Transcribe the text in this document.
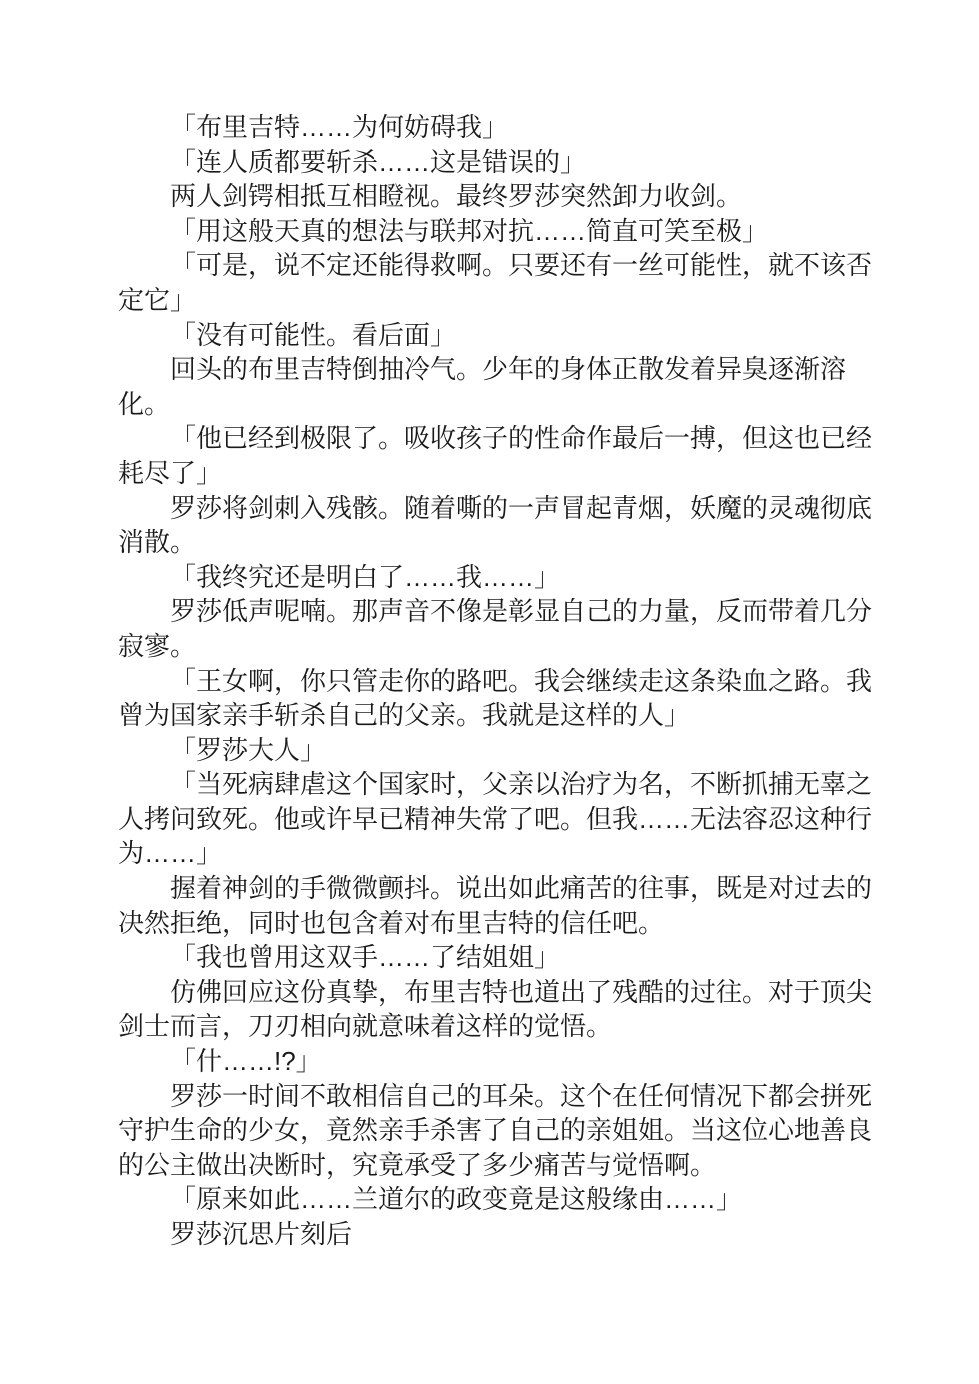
「布里吉特……为何妨碍我」

「连人质都要斩杀……这是错误的」

两人剑锷相抵互相瞪视。最终罗莎突然卸力收剑。

「用这般天真的想法与联邦对抗……简直可笑至极」

「可是，说不定还能得救啊。只要还有一丝可能性，就不该否
定它」

「没有可能性。看后面」

回头的布里吉特倒抽冷气。少年的身体正散发着异臭逐渐溶
化。

「他已经到极限了。吸收孩子的性命作最后一搏，但这也已经
耗尽了」

罗莎将剑刺入残骸。随着嘶的一声冒起青烟，妖魔的灵魂彻底
消散。

「我终究还是明白了……我……」

罗莎低声呢喃。那声音不像是彰显自己的力量，反而带着几分
寂寥。

「王女啊，你只管走你的路吧。我会继续走这条染血之路。我
曾为国家亲手斩杀自己的父亲。我就是这样的人」

「罗莎大人」

「当死病肆虐这个国家时，父亲以治疗为名，不断抓捕无辜之
人拷问致死。他或许早已精神失常了吧。但我……无法容忍这种行
为……」

握着神剑的手微微颤抖。说出如此痛苦的往事，既是对过去的
决然拒绝，同时也包含着对布里吉特的信任吧。

「我也曾用这双手……了结姐姐」

仿佛回应这份真挚，布里吉特也道出了残酷的过往。对于顶尖
剑士而言，刀刃相向就意味着这样的觉悟。

「什……!?」

罗莎一时间不敢相信自己的耳朵。这个在任何情况下都会拼死
守护生命的少女，竟然亲手杀害了自己的亲姐姐。当这位心地善良
的公主做出决断时，究竟承受了多少痛苦与觉悟啊。

「原来如此……兰道尔的政变竟是这般缘由……」

罗莎沉思片刻后
